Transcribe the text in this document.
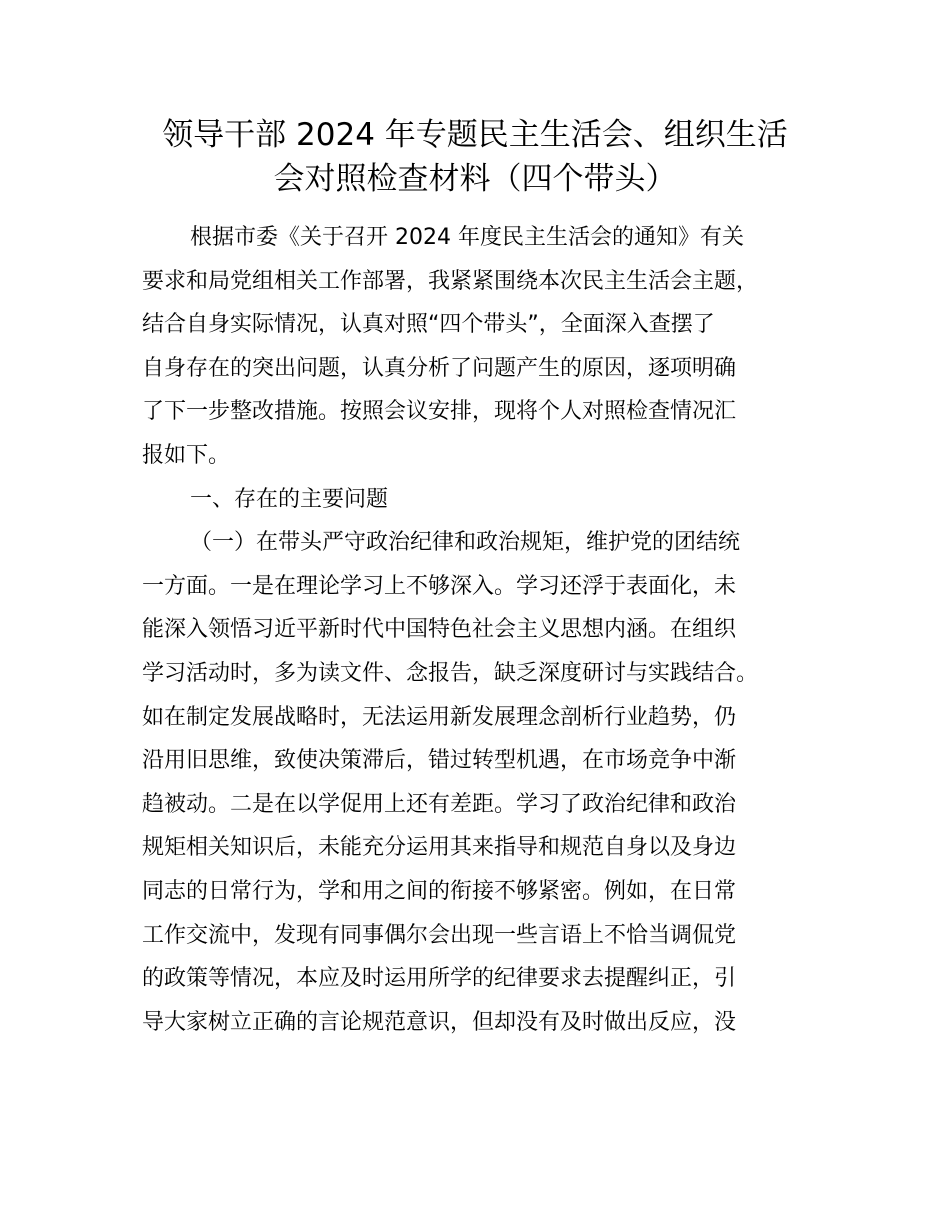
领导干部 2024 年专题民主生活会、组织生活
会对照检查材料（四个带头）

根据市委《关于召开 2024 年度民主生活会的通知》有关
要求和局党组相关工作部署，我紧紧围绕本次民主生活会主题，
结合自身实际情况，认真对照“四个带头”，全面深入查摆了
自身存在的突出问题，认真分析了问题产生的原因，逐项明确
了下一步整改措施。按照会议安排，现将个人对照检查情况汇
报如下。

一、存在的主要问题

（一）在带头严守政治纪律和政治规矩，维护党的团结统
一方面。一是在理论学习上不够深入。学习还浮于表面化，未
能深入领悟习近平新时代中国特色社会主义思想内涵。在组织
学习活动时，多为读文件、念报告，缺乏深度研讨与实践结合。
如在制定发展战略时，无法运用新发展理念剖析行业趋势，仍
沿用旧思维，致使决策滞后，错过转型机遇，在市场竞争中渐
趋被动。二是在以学促用上还有差距。学习了政治纪律和政治
规矩相关知识后，未能充分运用其来指导和规范自身以及身边
同志的日常行为，学和用之间的衔接不够紧密。例如，在日常
工作交流中，发现有同事偶尔会出现一些言语上不恰当调侃党
的政策等情况，本应及时运用所学的纪律要求去提醒纠正，引
导大家树立正确的言论规范意识，但却没有及时做出反应，没
